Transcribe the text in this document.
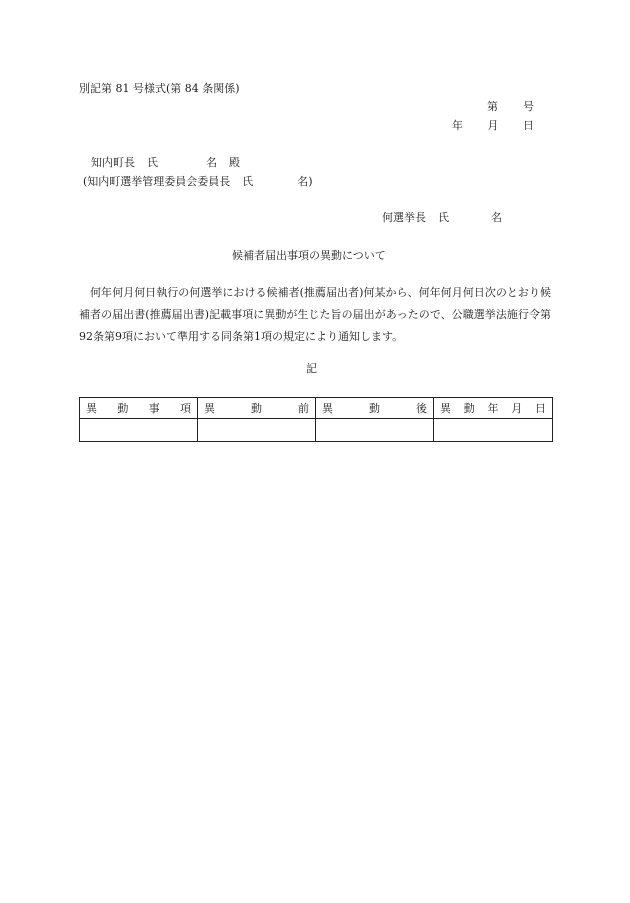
別記第 81 号様式(第 84 条関係)
第 号
年 月 日
知内町長 氏	名 殿
(知内町選挙管理委員会委員長 氏	名)
何選挙長 氏	名
候補者届出事項の異動について
何年何月何日執行の何選挙における候補者(推薦届出者)何某から、何年何月何日次のとおり候補者の届出書(推薦届出書)記載事項に異動が生じた旨の届出があったので、公職選挙法施行令第92条第9項において準用する同条第1項の規定により通知します。
記
異 動 事 項	異 動 前	異 動 後	異 動 年 月 日
